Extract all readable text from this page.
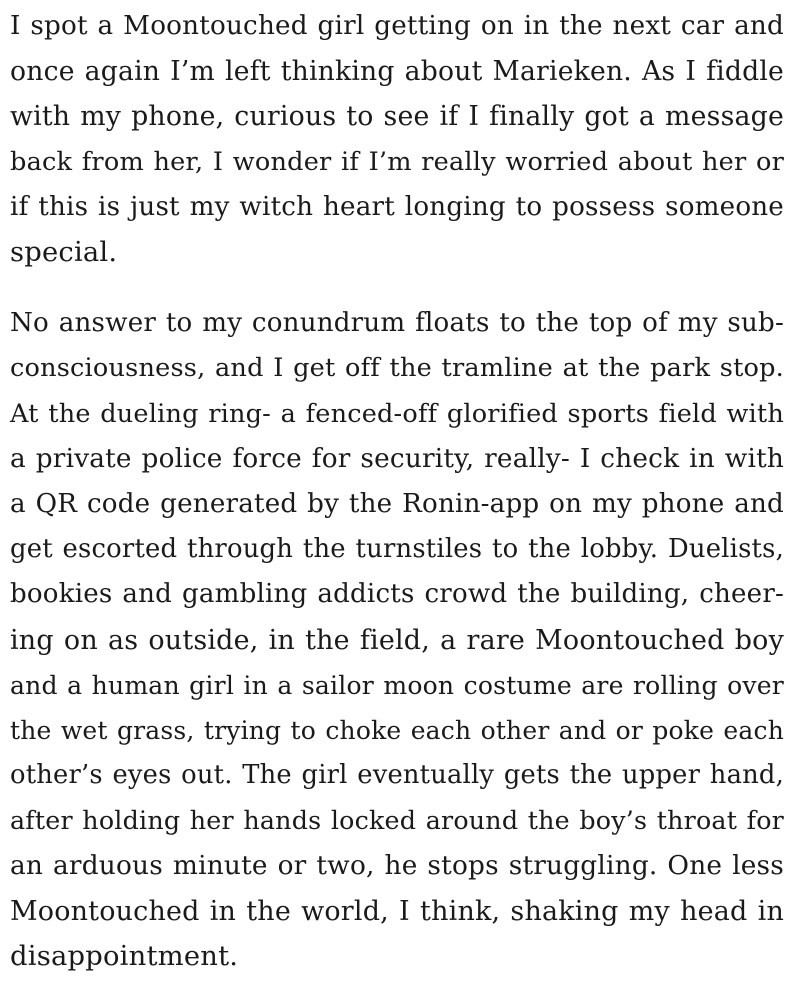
I spot a Moontouched girl getting on in the next car and
once again I’m left thinking about Marieken. As I fiddle
with my phone, curious to see if I finally got a message
back from her, I wonder if I’m really worried about her or
if this is just my witch heart longing to possess someone
special.
No answer to my conundrum floats to the top of my sub-
consciousness, and I get off the tramline at the park stop.
At the dueling ring- a fenced-off glorified sports field with
a private police force for security, really- I check in with
a QR code generated by the Ronin-app on my phone and
get escorted through the turnstiles to the lobby. Duelists,
bookies and gambling addicts crowd the building, cheer-
ing on as outside, in the field, a rare Moontouched boy
and a human girl in a sailor moon costume are rolling over
the wet grass, trying to choke each other and or poke each
other’s eyes out. The girl eventually gets the upper hand,
after holding her hands locked around the boy’s throat for
an arduous minute or two, he stops struggling. One less
Moontouched in the world, I think, shaking my head in
disappointment.
